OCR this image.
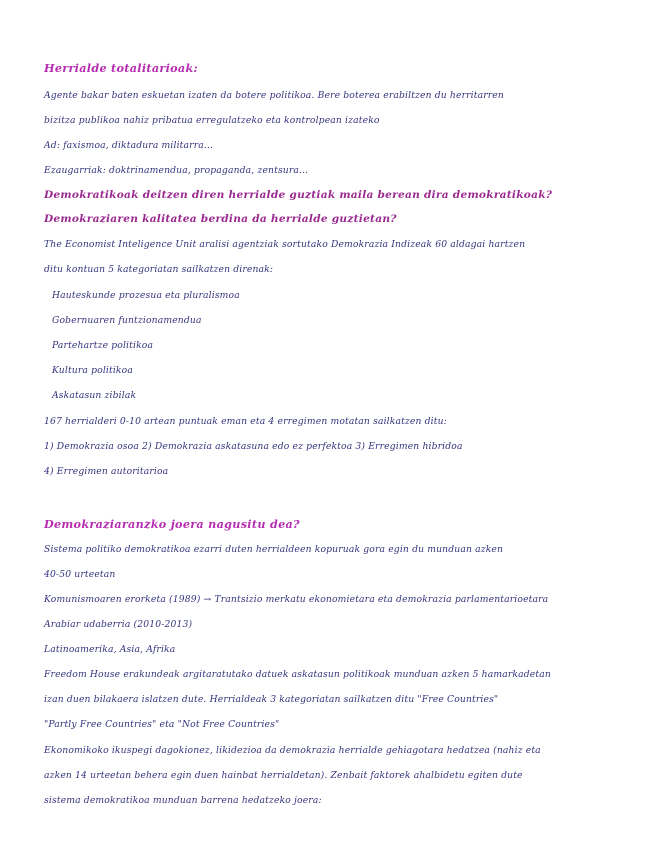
Herrialde totalitarioak:
Agente bakar baten eskuetan izaten da botere politikoa. Bere boterea erabiltzen du herritarren
bizitza publikoa nahiz pribatua erregulatzeko eta kontrolpean izateko
Ad: faxismoa, diktadura militarra...
Ezaugarriak: doktrinamendua, propaganda, zentsura...
Demokratikoak deitzen diren herrialde guztiak maila berean dira demokratikoak?
Demokraziaren kalitatea berdina da herrialde guztietan?
The Economist Inteligence Unit aralisi agentziak sortutako Demokrazia Indizeak 60 aldagai hartzen
ditu kontuan 5 kategoriatan sailkatzen direnak:
Hauteskunde prozesua eta pluralismoa
Gobernuaren funtzionamendua
Partehartze politikoa
Kultura politikoa
Askatasun zibilak
167 herrialderi 0-10 artean puntuak eman eta 4 erregimen motatan sailkatzen ditu:
1) Demokrazia osoa 2) Demokrazia askatasuna edo ez perfektoa 3) Erregimen hibridoa
4) Erregimen autoritarioa
Demokraziaranzko joera nagusitu dea?
Sistema politiko demokratikoa ezarri duten herrialdeen kopuruak gora egin du munduan azken
40-50 urteetan
Komunismoaren erorketa (1989) → Trantsizio merkatu ekonomietara eta demokrazia parlamentarioetara
Arabiar udaberria (2010-2013)
Latinoamerika, Asia, Afrika
Freedom House erakundeak argitaratutako datuek askatasun politikoak munduan azken 5 hamarkadetan
izan duen bilakaera islatzen dute. Herrialdeak 3 kategoriatan sailkatzen ditu "Free Countries"
"Partly Free Countries" eta "Not Free Countries"
Ekonomikoko ikuspegi dagokionez, likidezioa da demokrazia herrialde gehiagotara hedatzea (nahiz eta
azken 14 urteetan behera egin duen hainbat herrialdetan). Zenbait faktorek ahalbidetu egiten dute
sistema demokratikoa munduan barrena hedatzeko joera:
